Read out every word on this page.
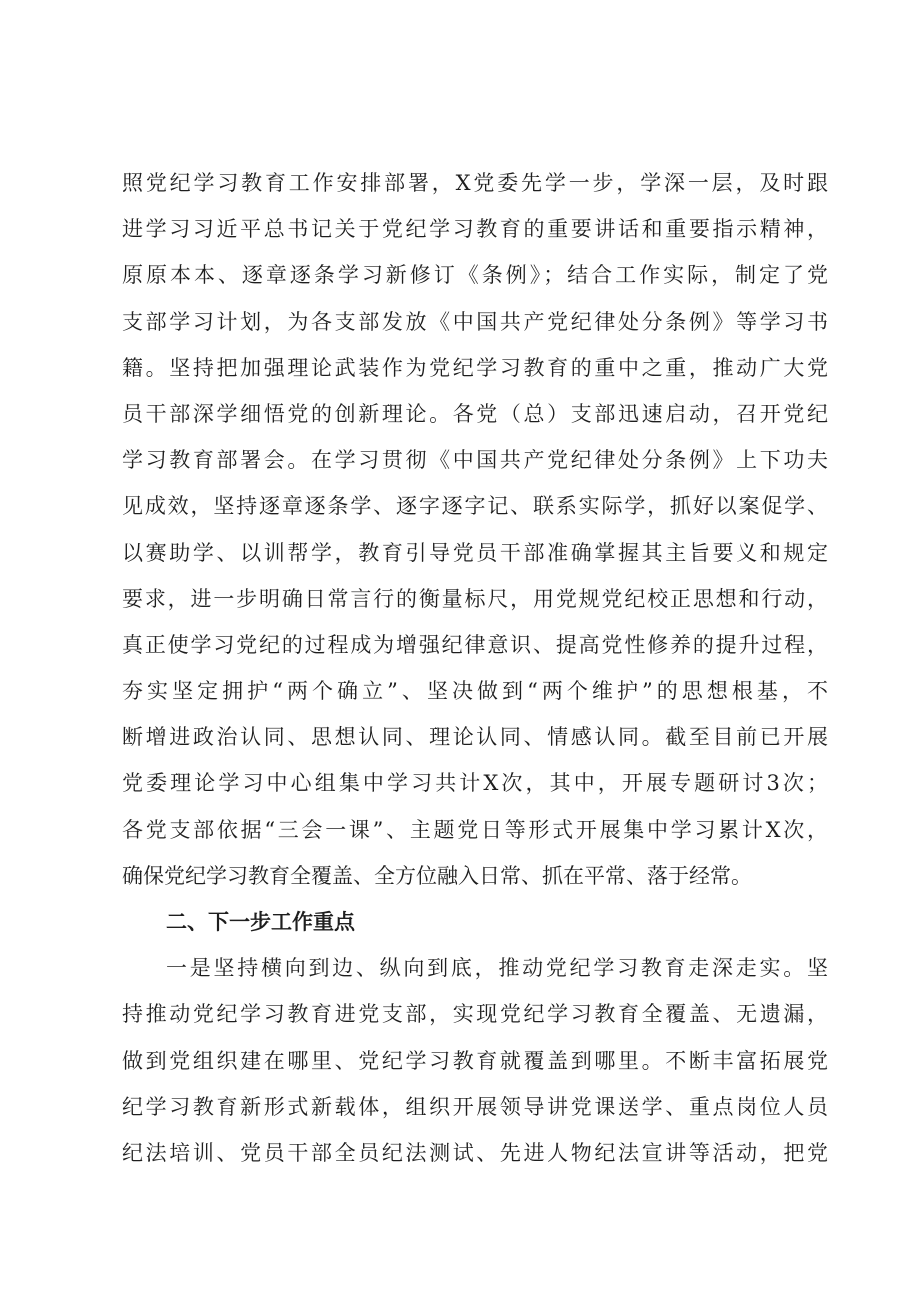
照党纪学习教育工作安排部署，X党委先学一步，学深一层，及时跟
进学习习近平总书记关于党纪学习教育的重要讲话和重要指示精神，
原原本本、逐章逐条学习新修订《条例》；结合工作实际，制定了党
支部学习计划，为各支部发放《中国共产党纪律处分条例》等学习书
籍。坚持把加强理论武装作为党纪学习教育的重中之重，推动广大党
员干部深学细悟党的创新理论。各党（总）支部迅速启动，召开党纪
学习教育部署会。在学习贯彻《中国共产党纪律处分条例》上下功夫
见成效，坚持逐章逐条学、逐字逐字记、联系实际学，抓好以案促学、
以赛助学、以训帮学，教育引导党员干部准确掌握其主旨要义和规定
要求，进一步明确日常言行的衡量标尺，用党规党纪校正思想和行动，
真正使学习党纪的过程成为增强纪律意识、提高党性修养的提升过程，
夯实坚定拥护“两个确立”、坚决做到“两个维护”的思想根基，不
断增进政治认同、思想认同、理论认同、情感认同。截至目前已开展
党委理论学习中心组集中学习共计X次，其中，开展专题研讨3次；
各党支部依据“三会一课”、主题党日等形式开展集中学习累计X次，
确保党纪学习教育全覆盖、全方位融入日常、抓在平常、落于经常。
二、下一步工作重点
一是坚持横向到边、纵向到底，推动党纪学习教育走深走实。坚
持推动党纪学习教育进党支部，实现党纪学习教育全覆盖、无遗漏，
做到党组织建在哪里、党纪学习教育就覆盖到哪里。不断丰富拓展党
纪学习教育新形式新载体，组织开展领导讲党课送学、重点岗位人员
纪法培训、党员干部全员纪法测试、先进人物纪法宣讲等活动，把党
